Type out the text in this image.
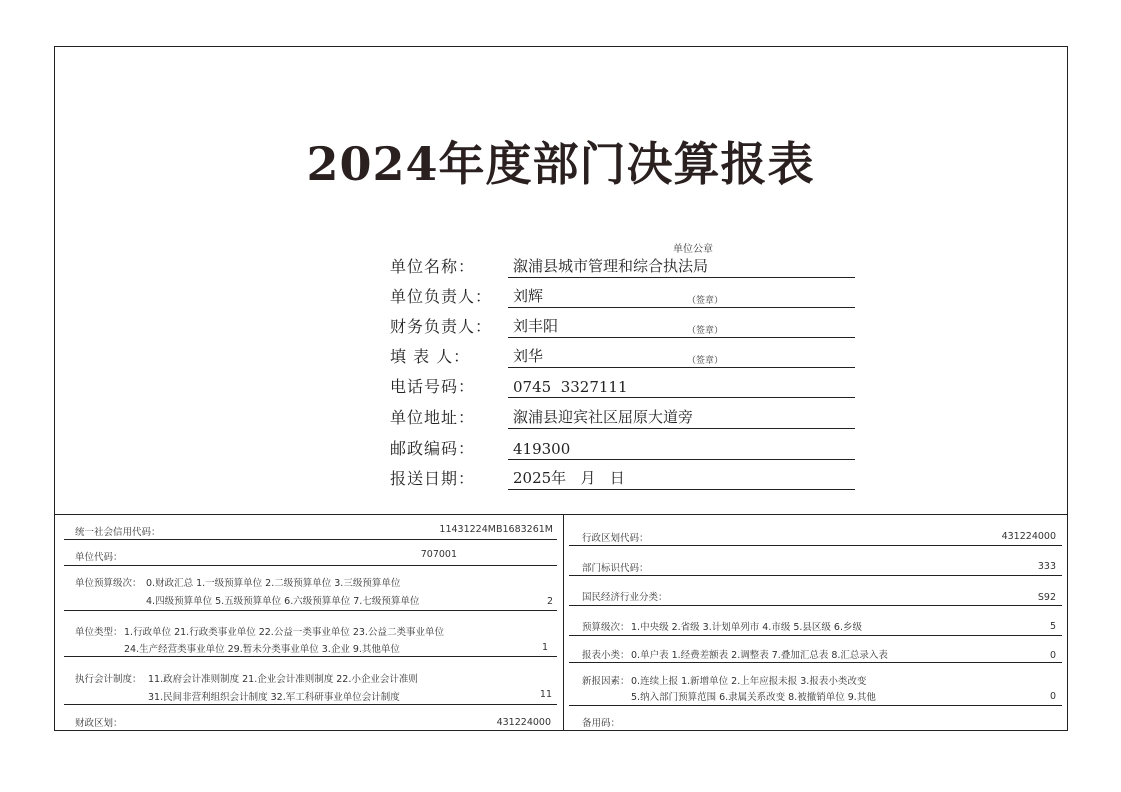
2024年度部门决算报表
单位公章
单位名称：	溆浦县城市管理和综合执法局
单位负责人：	刘辉	（签章）
财务负责人：	刘丰阳	（签章）
填 表 人：	刘华	（签章）
电话号码：	0745  3327111
单位地址：	溆浦县迎宾社区屈原大道旁
邮政编码：	419300
报送日期：	2025年   月   日
统一社会信用代码：	11431224MB1683261M
单位代码：	707001
单位预算级次： 0.财政汇总 1.一级预算单位 2.二级预算单位 3.三级预算单位
4.四级预算单位 5.五级预算单位 6.六级预算单位 7.七级预算单位	2
单位类型： 1.行政单位 21.行政类事业单位 22.公益一类事业单位 23.公益二类事业单位
24.生产经营类事业单位 29.暂未分类事业单位 3.企业 9.其他单位	1
执行会计制度： 11.政府会计准则制度 21.企业会计准则制度 22.小企业会计准则
31.民间非营利组织会计制度 32.军工科研事业单位会计制度	11
财政区划：	431224000
行政区划代码：	431224000
部门标识代码：	333
国民经济行业分类：	S92
预算级次： 1.中央级 2.省级 3.计划单列市 4.市级 5.县区级 6.乡级	5
报表小类： 0.单户表 1.经费差额表 2.调整表 7.叠加汇总表 8.汇总录入表	0
新报因素： 0.连续上报 1.新增单位 2.上年应报未报 3.报表小类改变
5.纳入部门预算范围 6.隶属关系改变 8.被撤销单位 9.其他	0
备用码：
